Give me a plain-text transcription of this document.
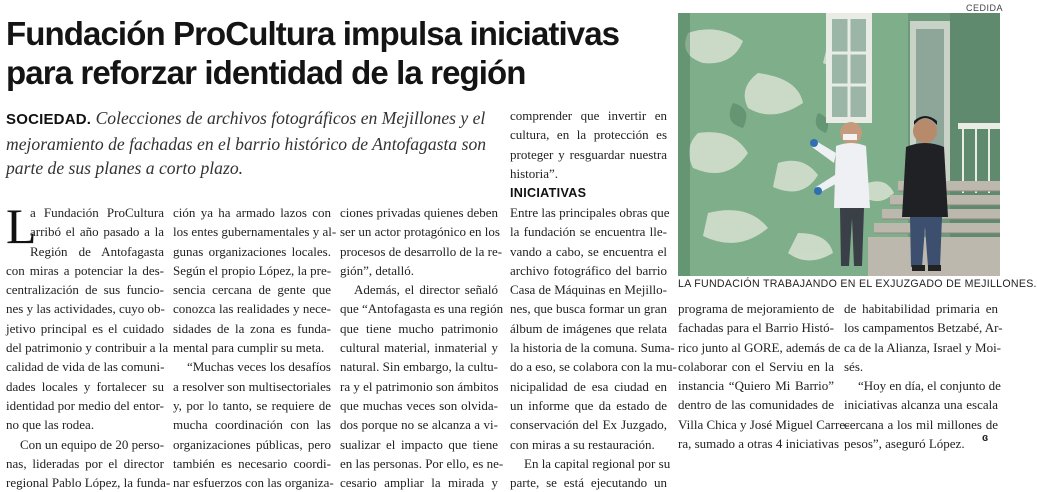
Fundación ProCultura impulsa iniciativas
para reforzar identidad de la región

SOCIEDAD. Colecciones de archivos fotográficos en Mejillones y el mejoramiento de fachadas en el barrio histórico de Antofagasta son parte de sus planes a corto plazo.

L
a Fundación ProCultura
arribó el año pasado a la
Región de Antofagasta
con miras a potenciar la des-
centralización de sus funcio-
nes y las actividades, cuyo ob-
jetivo principal es el cuidado
del patrimonio y contribuir a la
calidad de vida de las comuni-
dades locales y fortalecer su
identidad por medio del entor-
no que las rodea.
Con un equipo de 20 perso-
nas, lideradas por el director
regional Pablo López, la funda-
ción ya ha armado lazos con
los entes gubernamentales y al-
gunas organizaciones locales.
Según el propio López, la pre-
sencia cercana de gente que
conozca las realidades y nece-
sidades de la zona es funda-
mental para cumplir su meta.
“Muchas veces los desafíos
a resolver son multisectoriales
y, por lo tanto, se requiere de
mucha coordinación con las
organizaciones públicas, pero
también es necesario coordi-
nar esfuerzos con las organiza-
ciones privadas quienes deben
ser un actor protagónico en los
procesos de desarrollo de la re-
gión”, detalló.
Además, el director señaló
que “Antofagasta es una región
que tiene mucho patrimonio
cultural material, inmaterial y
natural. Sin embargo, la cultu-
ra y el patrimonio son ámbitos
que muchas veces son olvida-
dos porque no se alcanza a vi-
sualizar el impacto que tiene
en las personas. Por ello, es ne-
cesario ampliar la mirada y
comprender que invertir en
cultura, en la protección es
proteger y resguardar nuestra
historia”.
INICIATIVAS
Entre las principales obras que
la fundación se encuentra lle-
vando a cabo, se encuentra el
archivo fotográfico del barrio
Casa de Máquinas en Mejillo-
nes, que busca formar un gran
álbum de imágenes que relata
la historia de la comuna. Suma-
do a eso, se colabora con la mu-
nicipalidad de esa ciudad en
un informe que da estado de
conservación del Ex Juzgado,
con miras a su restauración.
En la capital regional por su
parte, se está ejecutando un
programa de mejoramiento de
fachadas para el Barrio Histó-
rico junto al GORE, además de
colaborar con el Serviu en la
instancia “Quiero Mi Barrio”
dentro de las comunidades de
Villa Chica y José Miguel Carre-
ra, sumado a otras 4 iniciativas
de habitabilidad primaria en
los campamentos Betzabé, Ar-
ca de la Alianza, Israel y Moi-
sés.
“Hoy en día, el conjunto de
iniciativas alcanza una escala
cercana a los mil millones de
pesos”, aseguró López.	ɞ
CEDIDA
LA FUNDACIÓN TRABAJANDO EN EL EXJUZGADO DE MEJILLONES.
